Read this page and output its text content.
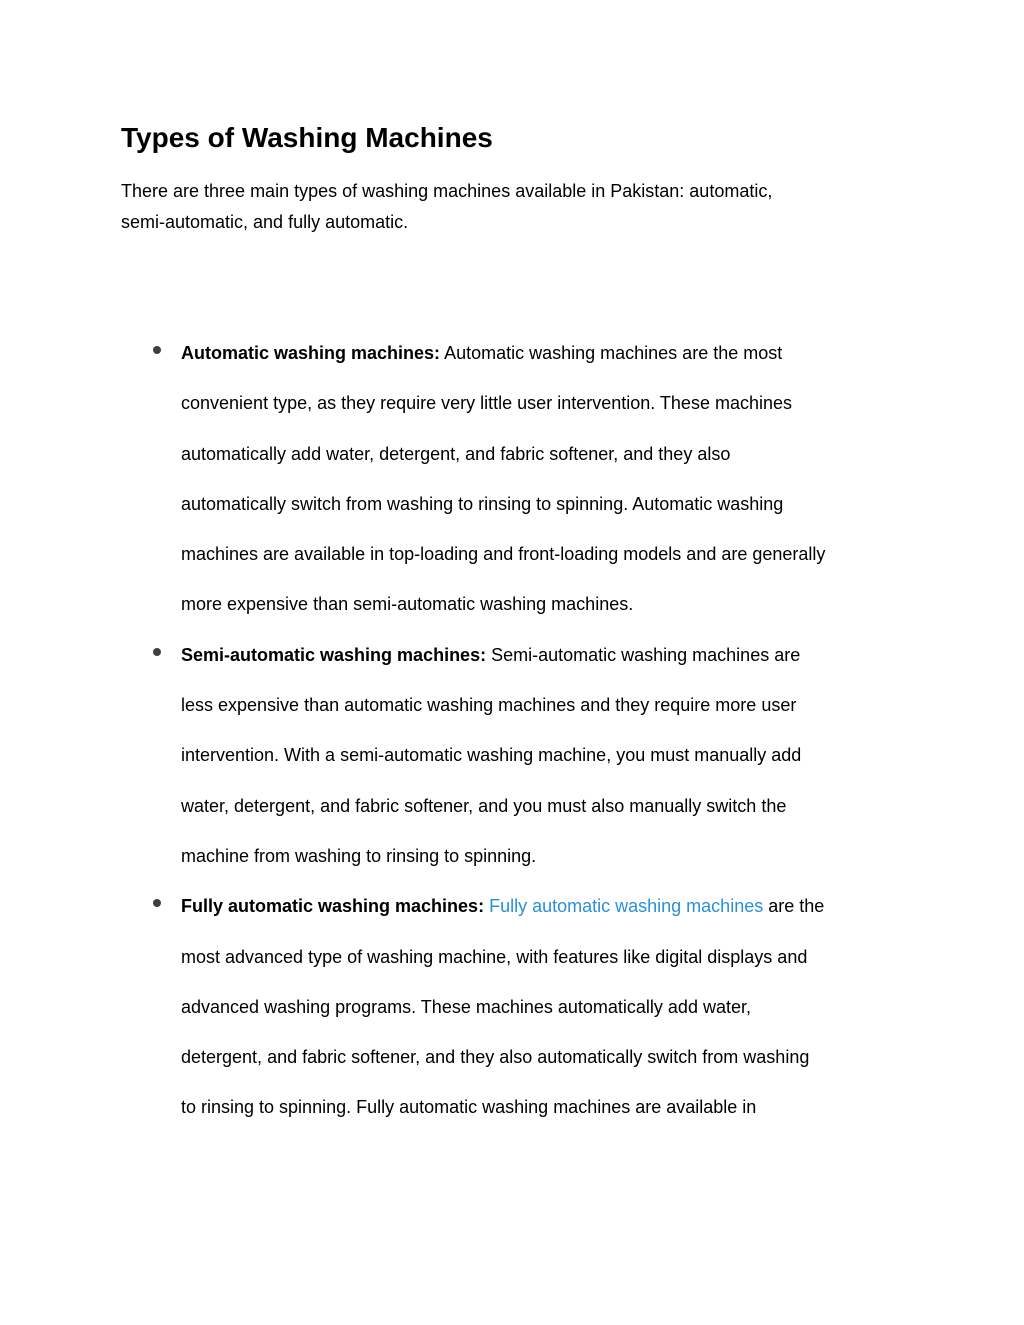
Types of Washing Machines

There are three main types of washing machines available in Pakistan: automatic,
semi-automatic, and fully automatic.

Automatic washing machines: Automatic washing machines are the most
convenient type, as they require very little user intervention. These machines
automatically add water, detergent, and fabric softener, and they also
automatically switch from washing to rinsing to spinning. Automatic washing
machines are available in top-loading and front-loading models and are generally
more expensive than semi-automatic washing machines.
Semi-automatic washing machines: Semi-automatic washing machines are
less expensive than automatic washing machines and they require more user
intervention. With a semi-automatic washing machine, you must manually add
water, detergent, and fabric softener, and you must also manually switch the
machine from washing to rinsing to spinning.
Fully automatic washing machines: Fully automatic washing machines are the
most advanced type of washing machine, with features like digital displays and
advanced washing programs. These machines automatically add water,
detergent, and fabric softener, and they also automatically switch from washing
to rinsing to spinning. Fully automatic washing machines are available in
